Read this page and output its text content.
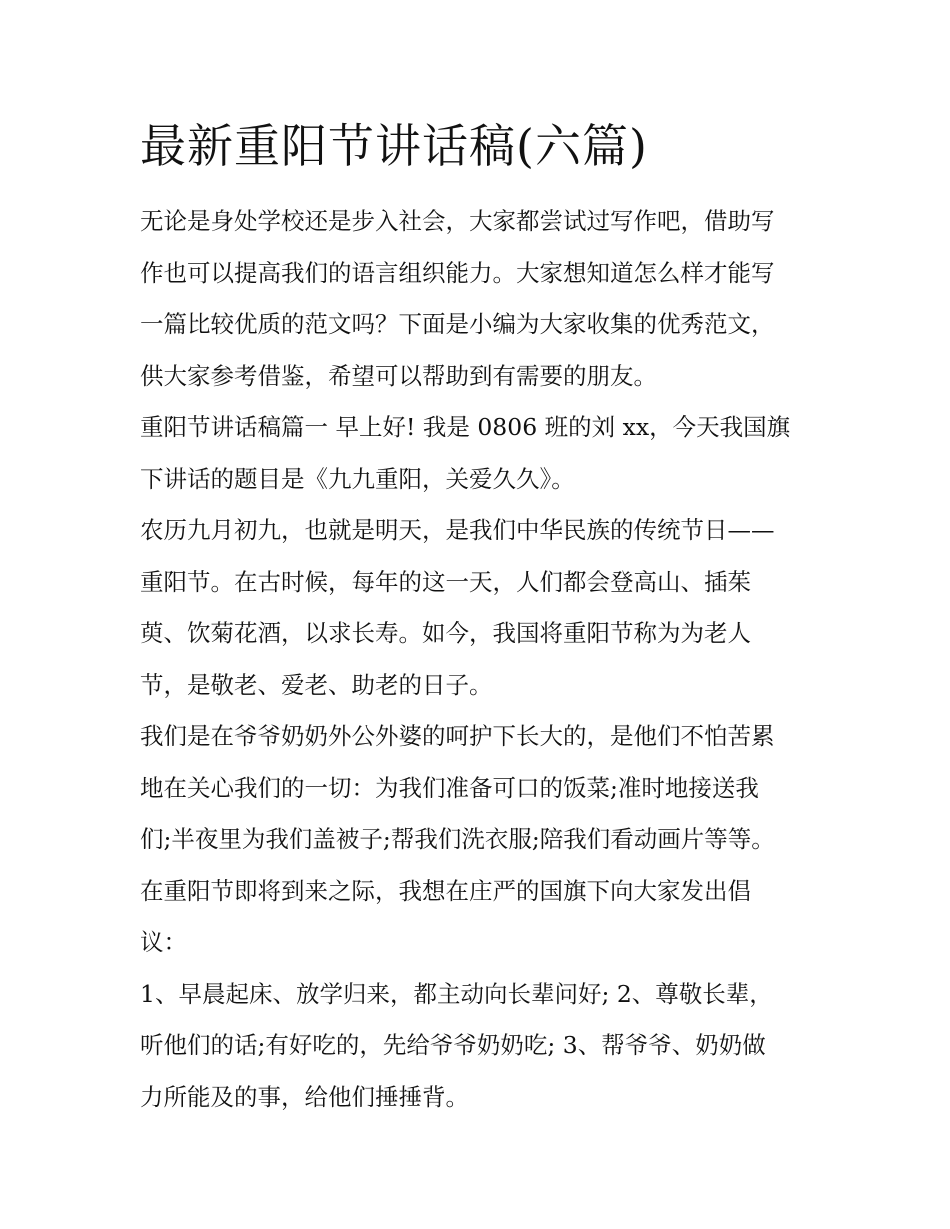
最新重阳节讲话稿(六篇)

无论是身处学校还是步入社会，大家都尝试过写作吧，借助写
作也可以提高我们的语言组织能力。大家想知道怎么样才能写
一篇比较优质的范文吗？下面是小编为大家收集的优秀范文，
供大家参考借鉴，希望可以帮助到有需要的朋友。

重阳节讲话稿篇一 早上好! 我是 0806 班的刘 xx，今天我国旗
下讲话的题目是《九九重阳，关爱久久》。

农历九月初九，也就是明天，是我们中华民族的传统节日——
重阳节。在古时候，每年的这一天，人们都会登高山、插茱
萸、饮菊花酒，以求长寿。如今，我国将重阳节称为为老人
节，是敬老、爱老、助老的日子。

我们是在爷爷奶奶外公外婆的呵护下长大的，是他们不怕苦累
地在关心我们的一切：为我们准备可口的饭菜;准时地接送我
们;半夜里为我们盖被子;帮我们洗衣服;陪我们看动画片等等。
在重阳节即将到来之际，我想在庄严的国旗下向大家发出倡
议：

1、早晨起床、放学归来，都主动向长辈问好; 2、尊敬长辈，
听他们的话;有好吃的，先给爷爷奶奶吃; 3、帮爷爷、奶奶做
力所能及的事，给他们捶捶背。
